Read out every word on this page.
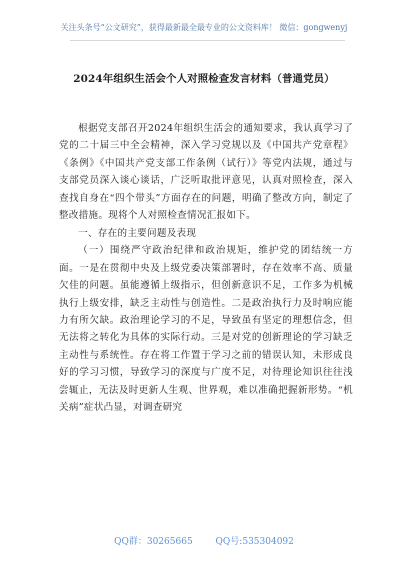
关注头条号“公文研究”，获得最新最全最专业的公文资料库！ 微信：gongwenyj
2024年组织生活会个人对照检查发言材料（普通党员）

根据党支部召开2024年组织生活会的通知要求，我认真学习了党的二十届三中全会精神，深入学习党规以及《中国共产党章程》《条例》《中国共产党支部工作条例（试行）》等党内法规，通过与支部党员深入谈心谈话，广泛听取批评意见，认真对照检查，深入查找自身在“四个带头”方面存在的问题，明确了整改方向，制定了整改措施。现将个人对照检查情况汇报如下。

一、存在的主要问题及表现

（一）围绕严守政治纪律和政治规矩，维护党的团结统一方面。一是在贯彻中央及上级党委决策部署时，存在效率不高、质量欠佳的问题。虽能遵循上级指示，但创新意识不足，工作多为机械执行上级安排，缺乏主动性与创造性。二是政治执行力及时响应能力有所欠缺。政治理论学习的不足，导致虽有坚定的理想信念，但无法将之转化为具体的实际行动。三是对党的创新理论的学习缺乏主动性与系统性。存在将工作置于学习之前的错误认知，未形成良好的学习习惯，导致学习的深度与广度不足，对待理论知识往往浅尝辄止，无法及时更新人生观、世界观，难以准确把握新形势。“机关病”症状凸显，对调查研究

QQ群：30265665	QQ号:535304092
